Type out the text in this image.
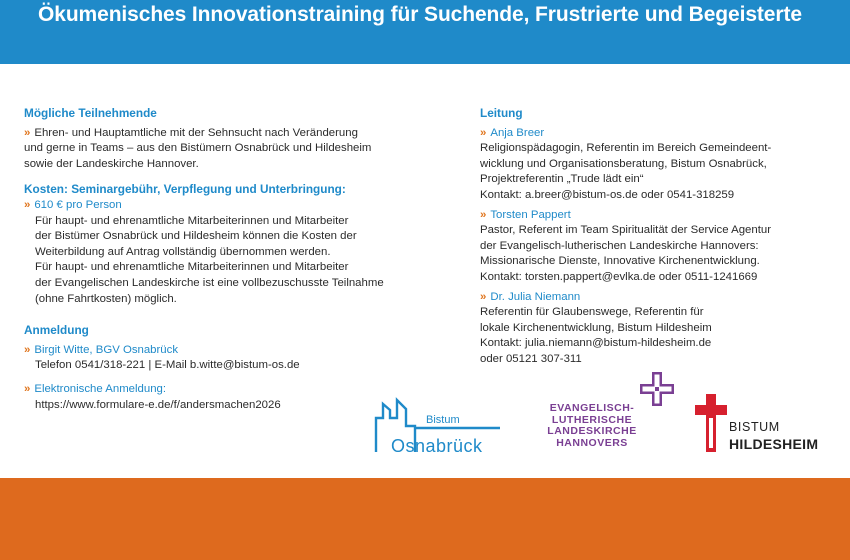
Ökumenisches Innovationstraining für Suchende, Frustrierte und Begeisterte
Mögliche Teilnehmende

» Ehren- und Hauptamtliche mit der Sehnsucht nach Veränderung
und gerne in Teams – aus den Bistümern Osnabrück und Hildesheim
sowie der Landeskirche Hannover.

Kosten: Seminargebühr, Verpflegung und Unterbringung:

» 610 € pro Person

Für haupt- und ehrenamtliche Mitarbeiterinnen und Mitarbeiter
der Bistümer Osnabrück und Hildesheim können die Kosten der
Weiterbildung auf Antrag vollständig übernommen werden.
Für haupt- und ehrenamtliche Mitarbeiterinnen und Mitarbeiter
der Evangelischen Landeskirche ist eine vollbezuschusste Teilnahme
(ohne Fahrtkosten) möglich.

Anmeldung

» Birgit Witte, BGV Osnabrück
Telefon 0541/318-221 | E-Mail b.witte@bistum-os.de

» Elektronische Anmeldung:
https://www.formulare-e.de/f/andersmachen2026

Leitung

» Anja Breer
Religionspädagogin, Referentin im Bereich Gemeindeent-
wicklung und Organisationsberatung, Bistum Osnabrück,
Projektreferentin „Trude lädt ein“
Kontakt: a.breer@bistum-os.de oder 0541-318259

» Torsten Pappert
Pastor, Referent im Team Spiritualität der Service Agentur
der Evangelisch-lutherischen Landeskirche Hannovers:
Missionarische Dienste, Innovative Kirchenentwicklung.
Kontakt: torsten.pappert@evlka.de oder 0511-1241669

» Dr. Julia Niemann
Referentin für Glaubenswege, Referentin für
lokale Kirchenentwicklung, Bistum Hildesheim
Kontakt: julia.niemann@bistum-hildesheim.de
oder 05121 307-311

Bistum
Osnabrück
EVANGELISCH-
LUTHERISCHE
LANDESKIRCHE
HANNOVERS
BISTUM
HILDESHEIM
